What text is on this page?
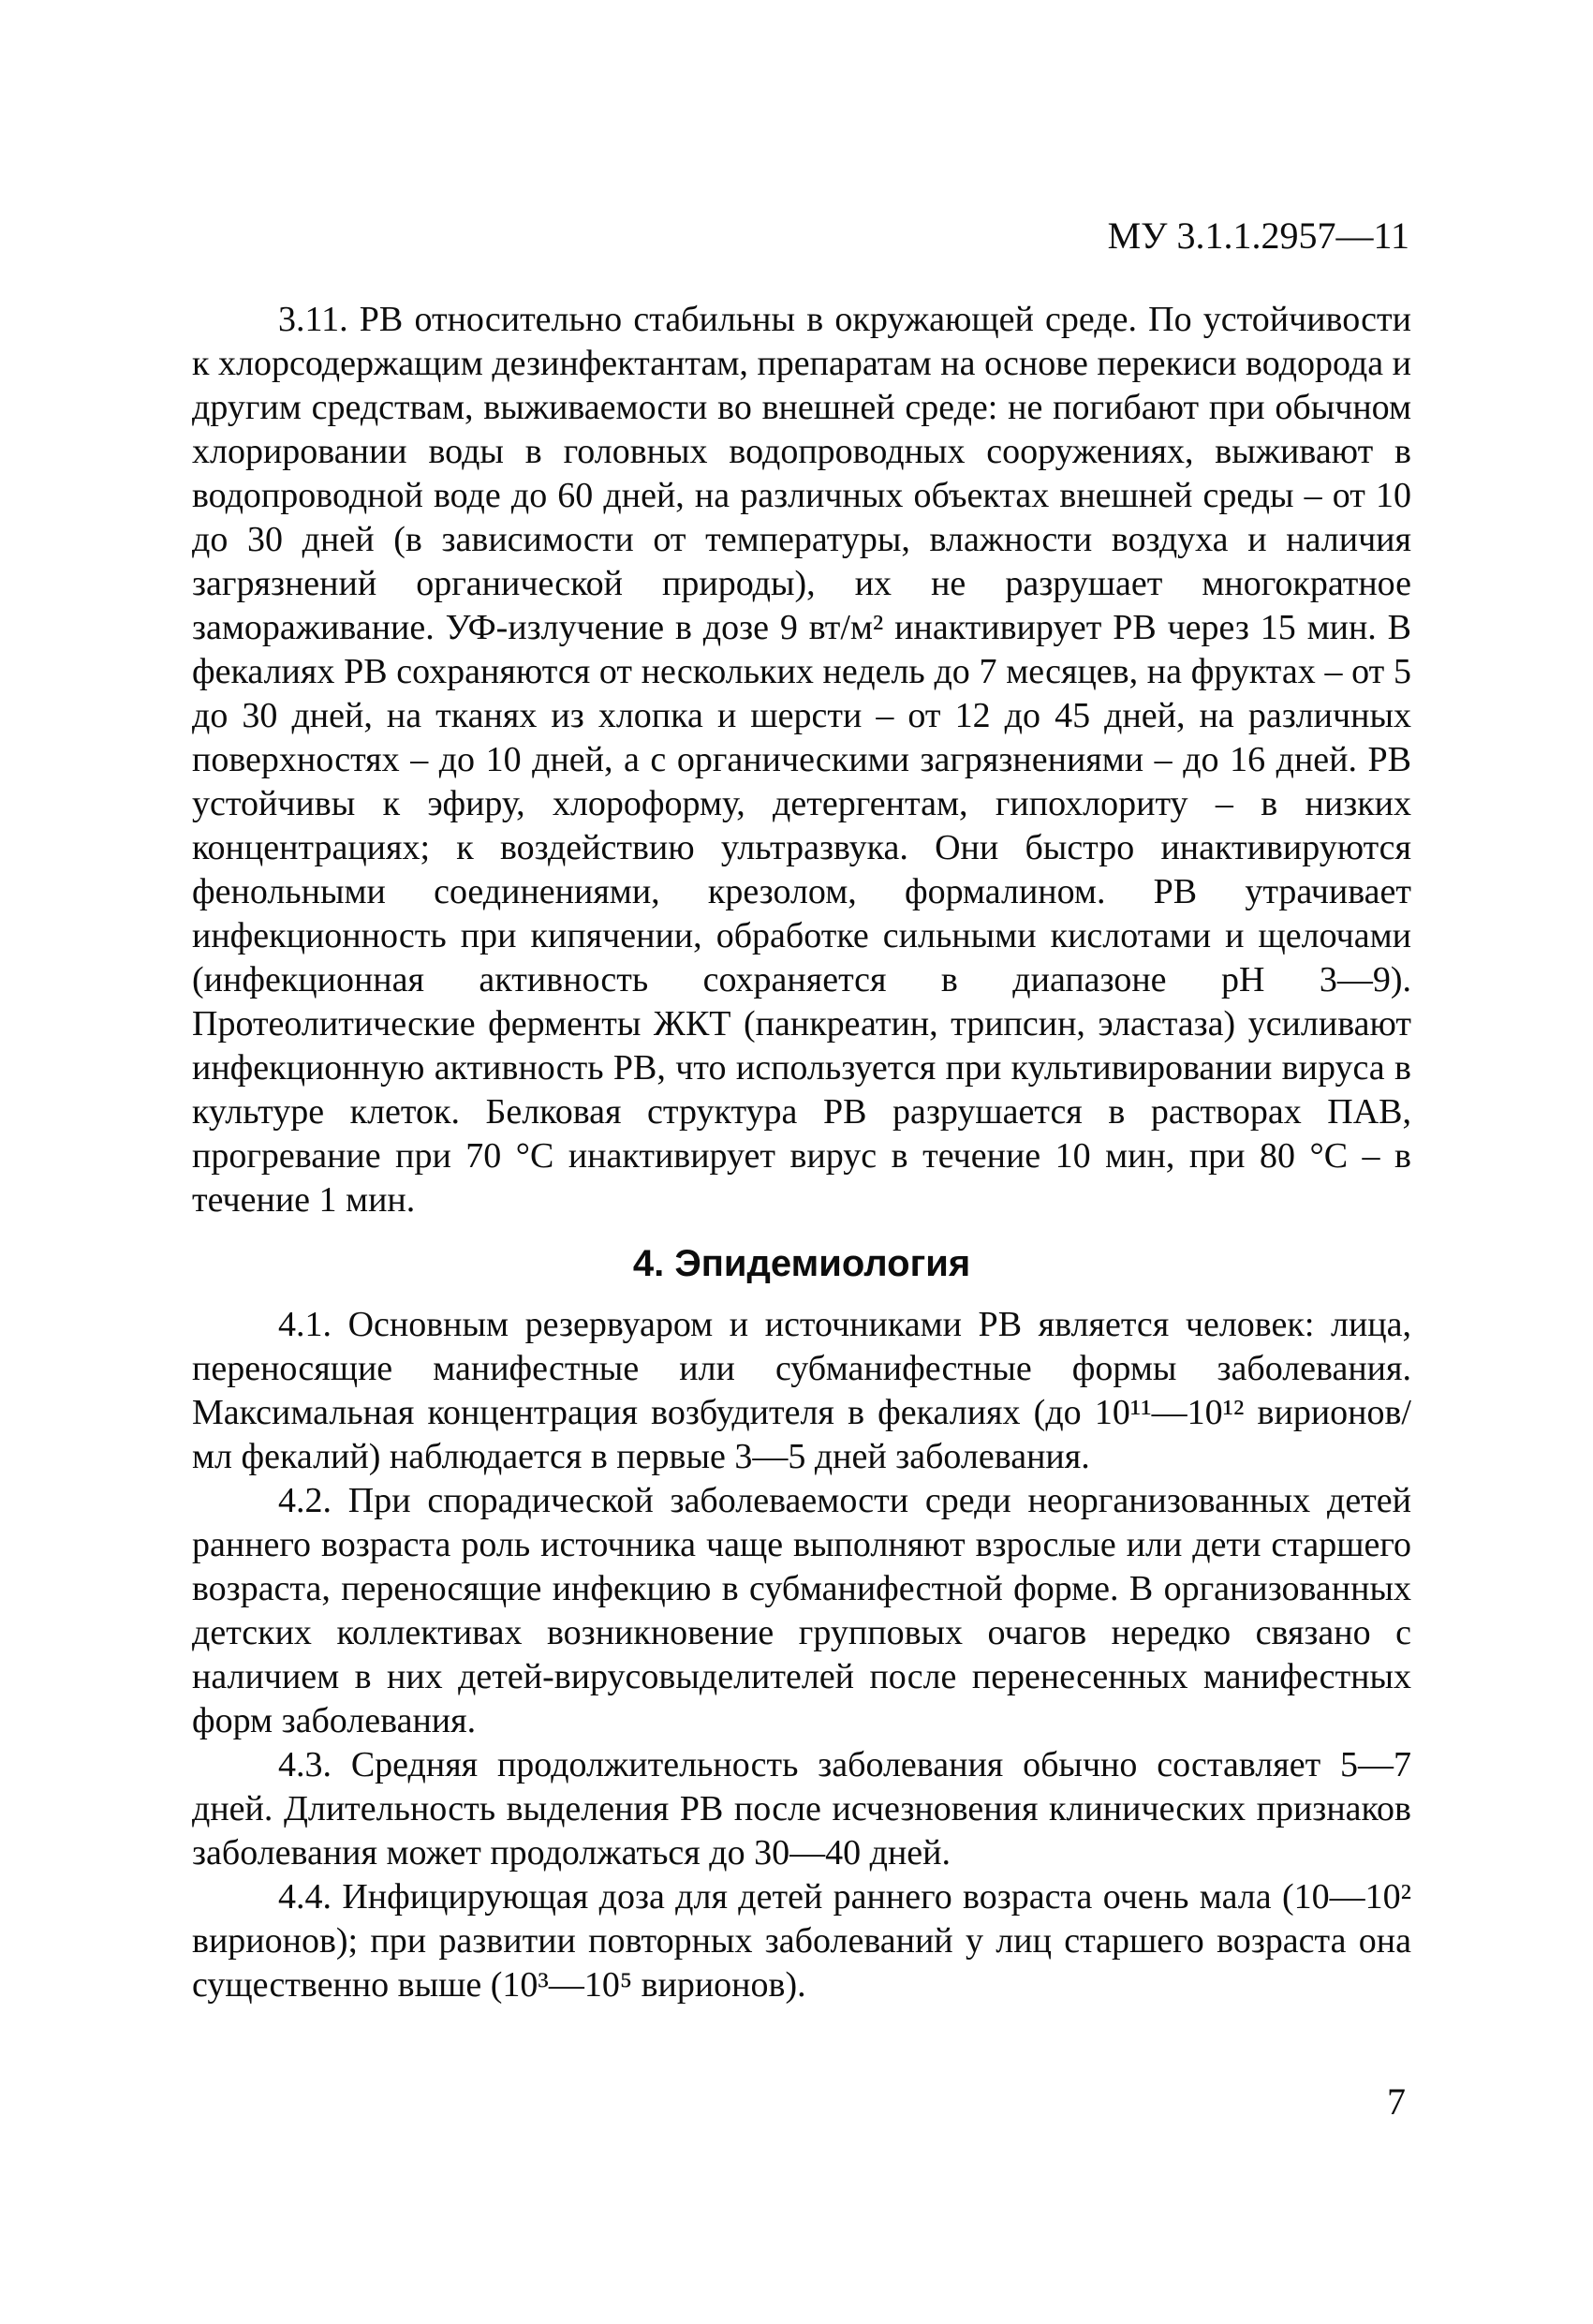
МУ 3.1.1.2957—11

3.11. РВ относительно стабильны в окружающей среде. По устойчивости к хлорсодержащим дезинфектантам, препаратам на основе перекиси водорода и другим средствам, выживаемости во внешней среде: не погибают при обычном хлорировании воды в головных водопроводных сооружениях, выживают в водопроводной воде до 60 дней, на различных объектах внешней среды – от 10 до 30 дней (в зависимости от температуры, влажности воздуха и наличия загрязнений органической природы), их не разрушает многократное замораживание. УФ-излучение в дозе 9 вт/м² инактивирует РВ через 15 мин. В фекалиях РВ сохраняются от нескольких недель до 7 месяцев, на фруктах – от 5 до 30 дней, на тканях из хлопка и шерсти – от 12 до 45 дней, на различных поверхностях – до 10 дней, а с органическими загрязнениями – до 16 дней. РВ устойчивы к эфиру, хлороформу, детергентам, гипохлориту – в низких концентрациях; к воздействию ультразвука. Они быстро инактивируются фенольными соединениями, крезолом, формалином. РВ утрачивает инфекционность при кипячении, обработке сильными кислотами и щелочами (инфекционная активность сохраняется в диапазоне рН 3—9). Протеолитические ферменты ЖКТ (панкреатин, трипсин, эластаза) усиливают инфекционную активность РВ, что используется при культивировании вируса в культуре клеток. Белковая структура РВ разрушается в растворах ПАВ, прогревание при 70 °С инактивирует вирус в течение 10 мин, при 80 °С – в течение 1 мин.

4. Эпидемиология

4.1. Основным резервуаром и источниками РВ является человек: лица, переносящие манифестные или субманифестные формы заболевания. Максимальная концентрация возбудителя в фекалиях (до 10¹¹—10¹² вирионов/мл фекалий) наблюдается в первые 3—5 дней заболевания.

4.2. При спорадической заболеваемости среди неорганизованных детей раннего возраста роль источника чаще выполняют взрослые или дети старшего возраста, переносящие инфекцию в субманифестной форме. В организованных детских коллективах возникновение групповых очагов нередко связано с наличием в них детей-вирусовыделителей после перенесенных манифестных форм заболевания.

4.3. Средняя продолжительность заболевания обычно составляет 5—7 дней. Длительность выделения РВ после исчезновения клинических признаков заболевания может продолжаться до 30—40 дней.

4.4. Инфицирующая доза для детей раннего возраста очень мала (10—10² вирионов); при развитии повторных заболеваний у лиц старшего возраста она существенно выше (10³—10⁵ вирионов).

7
